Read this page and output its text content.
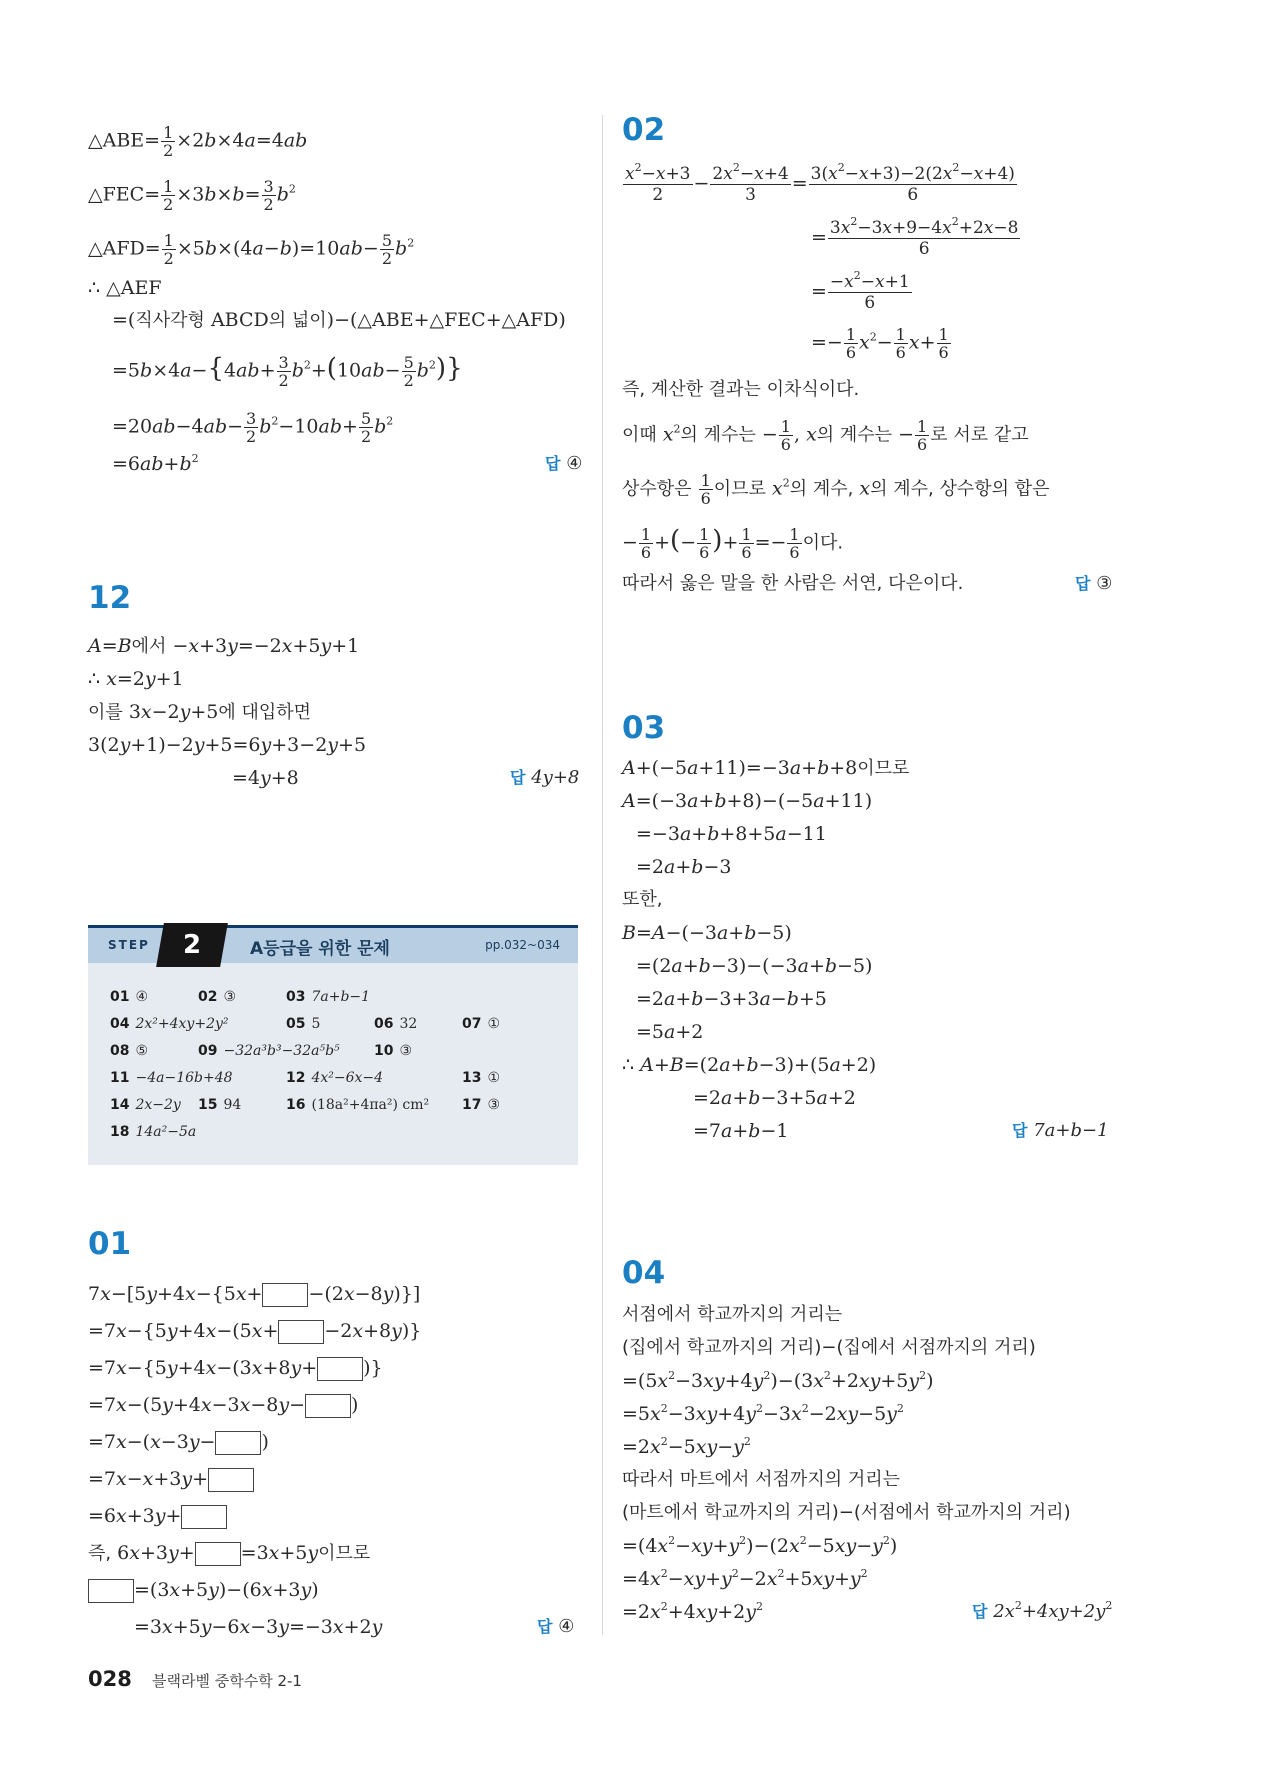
△ABE= $\frac{1}{2} \times 2b\times 4a=4ab$
△FEC= $\frac{1}{2} \times 3b\times b= \frac{3}{2} b^2$
△AFD= $\frac{1}{2} \times 5b\times(4a-b)=10ab- \frac{5}{2} b^2$
∴ △AEF
=(직사각형 ABCD의 넓이)−(△ABE+△FEC+△AFD)
$=5b\times 4a-\{4ab+ \frac{3}{2} b^2+(10ab- \frac{5}{2} b^2)\}$
$=20ab-4ab- \frac{3}{2} b^2-10ab+ \frac{5}{2} b^2$
$=6ab+b^2$ 답	④
12
A=B에서 −x+3y=−2x+5y+1
∴ x=2y+1
이를 3x−2y+5에 대입하면
3(2y+1)−2y+5=6y+3−2y+5
=4y+8 답	4y+8
STEP 2	A등급을 위한 문제	pp.032~034
01 ④	02 ③	03 7a+b−1
04 2x²+4xy+2y²	05 5	06 32	07 ①
08 ⑤	09 −32a³b³−32a⁵b⁵ 10 ③
11 −4a−16b+48	12 4x²−6x−4	13 ①
14 2x−2y 15 94	16 (18a²+4πa²) cm² 17 ③
18 14a²−5a
01
7x−[5y+4x−{5x+ −(2x−8y)}]
=7x−{5y+4x−(5x+ −2x+8y)}
=7x−{5y+4x−(3x+8y+ )}
=7x−(5y+4x−3x−8y− )
=7x−(x−3y− )
=7x−x+3y+
=6x+3y+
즉, 6x+3y+ =3x+5y이므로
=(3x+5y)−(6x+3y)
=3x+5y−6x−3y=−3x+2y 답	④
02
$\frac{x^2-x+3}{2} - \frac{2x^2-x+4}{3} = \frac{3(x^2-x+3)-2(2x^2-x+4)}{6}$
= $\frac{3x^2-3x+9-4x^2+2x-8}{6}$
= $\frac{-x^2-x+1}{6}$
=− $\frac{1}{6} x^2- \frac{1}{6} x+ \frac{1}{6}$
즉, 계산한 결과는 이차식이다.
이때 $x^2$의 계수는 − $\frac{1}{6}$ , x의 계수는 − $\frac{1}{6}$ 로 서로 같고
상수항은 $\frac{1}{6}$ 이므로 $x^2$의 계수, x의 계수, 상수항의 합은
− $\frac{1}{6}$ +(− $\frac{1}{6}$ )+ $\frac{1}{6} =- \frac{1}{6}$ 이다.
따라서 옳은 말을 한 사람은 서연, 다은이다. 답	③
03
A+(−5a+11)=−3a+b+8이므로
A=(−3a+b+8)−(−5a+11)
=−3a+b+8+5a−11
=2a+b−3
또한,
B=A−(−3a+b−5)
=(2a+b−3)−(−3a+b−5)
=2a+b−3+3a−b+5
=5a+2
∴ A+B=(2a+b−3)+(5a+2)
=2a+b−3+5a+2
=7a+b−1 답	7a+b−1
04
서점에서 학교까지의 거리는
(집에서 학교까지의 거리)−(집에서 서점까지의 거리)
$=(5x^2-3xy+4y^2)-(3x^2+2xy+5y^2)$
$=5x^2-3xy+4y^2-3x^2-2xy-5y^2$
$=2x^2-5xy-y^2$
따라서 마트에서 서점까지의 거리는
(마트에서 학교까지의 거리)−(서점에서 학교까지의 거리)
$=(4x^2-xy+y^2)-(2x^2-5xy-y^2)$
$=4x^2-xy+y^2-2x^2+5xy+y^2$
$=2x^2+4xy+2y^2$ 답	$2x^2+4xy+2y^2$
028 블랙라벨 중학수학 2-1
